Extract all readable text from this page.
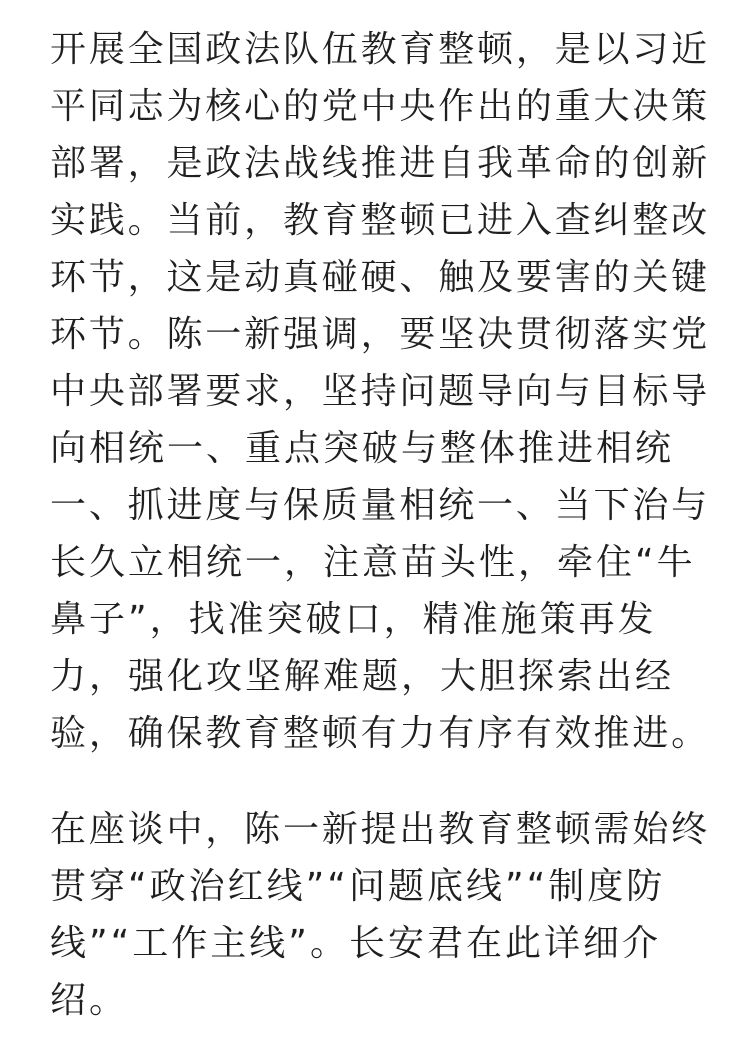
开展全国政法队伍教育整顿，是以习近
平同志为核心的党中央作出的重大决策
部署，是政法战线推进自我革命的创新
实践。当前，教育整顿已进入查纠整改
环节，这是动真碰硬、触及要害的关键
环节。陈一新强调，要坚决贯彻落实党
中央部署要求，坚持问题导向与目标导
向相统一、重点突破与整体推进相统
一、抓进度与保质量相统一、当下治与
长久立相统一，注意苗头性，牵住“牛
鼻子”，找准突破口，精准施策再发
力，强化攻坚解难题，大胆探索出经
验，确保教育整顿有力有序有效推进。
在座谈中，陈一新提出教育整顿需始终
贯穿“政治红线”“问题底线”“制度防
线”“工作主线”。长安君在此详细介
绍。
